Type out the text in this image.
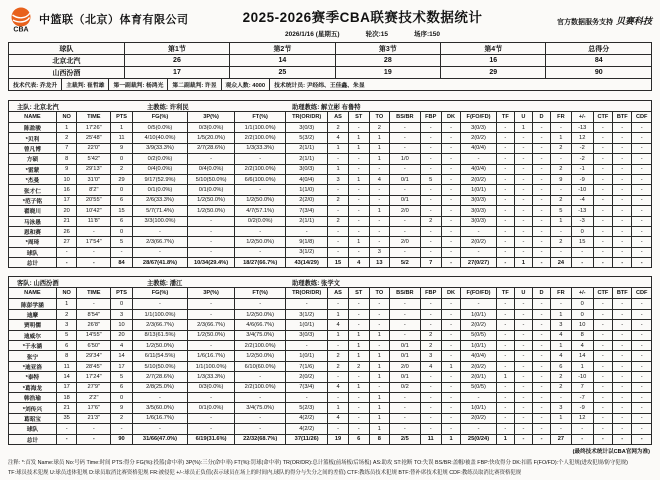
CBA
中篮联（北京）体育有限公司	2025-2026赛季CBA联赛技术数据统计
2026/1/16 (星期五)	轮次:15	场序:150
官方数据服务支持 贝赛科技
球队	第1节	第2节	第3节	第4节	总得分
北京北汽	26	14	28	16	84
山西汾酒	17	25	19	29	90
技术代表: 乔龙升	主裁判: 崔哲雄	第一副裁判: 杨鸿光	第二副裁判: 许昱	观众人数: 4000	技术统计员: 尹经纬、王佳鑫、朱显
主队: 北京北汽	主教练: 许利民	助理教练: 解立彬 布鲁特
NAME	NO	TIME	PTS	FG(%)	3P(%)	FT(%)	TR(OR/DR)	AS	ST	TO	BS/BR	FBP	DK	F(FO/FD)	TF	U	D	FR	+/-	CTF	BTF	CDF
陈盈骏	1	17'26"	1	0/5(0.0%)	0/3(0.0%)	1/1(100.0%)	3(0/3)	2	-	2	-	-	-	3(0/3)	-	1	-	-	-13	-	-	-
*贝利	2	25'48"	11	4/10(40.0%)	1/5(20.0%)	2/2(100.0%)	5(3/2)	4	1	1	-	-	-	2(0/2)	-	-	-	1	12	-	-	-
曾凡博	7	22'0"	9	3/9(33.3%)	2/7(28.6%)	1/3(33.3%)	2(1/1)	1	1	1	-	-	-	4(0/4)	-	-	-	2	-2	-	-	-
方硕	8	5'42"	0	0/2(0.0%)	-	-	2(1/1)	-	-	1	1/0	-	-	-	-	-	-	-	-2	-	-	-
*雷蒙	9	29'13"	2	0/4(0.0%)	0/4(0.0%)	2/2(100.0%)	3(0/3)	1	-	-	-	-	-	4(0/4)	-	-	-	2	-1	-	-	-
*杰曼	10	31'0"	29	9/17(52.9%)	5/10(50.0%)	6/6(100.0%)	4(0/4)	3	1	4	0/1	5	-	2(0/2)	-	-	-	9	-9	-	-	-
张才仁	16	8'2"	0	0/1(0.0%)	0/1(0.0%)	-	1(1/0)	-	-	-	-	-	-	1(0/1)	-	-	-	-	-10	-	-	-
*范子铭	17	20'55"	6	2/6(33.3%)	1/2(50.0%)	1/2(50.0%)	2(2/0)	2	-	-	0/1	-	-	3(0/3)	-	-	-	2	-4	-	-	-
翟晓川	20	10'42"	15	5/7(71.4%)	1/2(50.0%)	4/7(57.1%)	7(3/4)	-	-	1	2/0	-	-	3(0/3)	-	-	-	5	-13	-	-	-
马泳愚	21	11'8"	6	3/3(100.0%)	-	0/2(0.0%)	2(1/1)	2	-	-	-	2	-	3(0/3)	-	-	-	1	-3	-	-	-
恩和赛	26	-	0	-	-	-	-	-	-	-	-	-	-	-	-	-	-	-	0	-	-	-
*周琦	27	17'54"	5	2/3(66.7%)	-	1/2(50.0%)	9(1/8)	-	1	-	2/0	-	-	2(0/2)	-	-	-	2	15	-	-	-
球队	-	-	-	-	-	-	3(1/2)	-	-	3	-	-	-	-	-	-	-	-	-	-	-	-
总计	-	-	84	28/67(41.8%)	10/34(29.4%)	18/27(66.7%)	43(14/29)	15	4	13	5/2	7	-	27(0/27)	-	1	-	24	-	-	-	-
客队: 山西汾酒	主教练: 潘江	助理教练: 张学文
NAME	NO	TIME	PTS	FG(%)	3P(%)	FT(%)	TR(OR/DR)	AS	ST	TO	BS/BR	FBP	DK	F(FO/FD)	TF	U	D	FR	+/-	CTF	BTF	CDF
陈彭学涵	1	-	0	-	-	-	-	-	-	-	-	-	-	-	-	-	-	-	0	-	-	-
迪摩	2	8'54"	3	1/1(100.0%)	-	1/2(50.0%)	3(1/2)	1	-	-	-	-	-	1(0/1)	-	-	-	1	0	-	-	-
贾明儒	3	26'8"	10	2/3(66.7%)	2/3(66.7%)	4/6(66.7%)	1(0/1)	4	-	-	-	-	-	2(0/2)	-	-	-	3	10	-	-	-
迪威尔	5	14'55"	20	8/13(61.5%)	1/2(50.0%)	3/4(75.0%)	3(0/3)	1	1	1	-	2	-	5(0/5)	-	-	-	4	8	-	-	-
*于永涵	6	6'50"	4	1/2(50.0%)	-	2/2(100.0%)	-	-	1	-	0/1	2	-	1(0/1)	-	-	-	1	4	-	-	-
张宁	8	29'34"	14	6/11(54.5%)	1/6(16.7%)	1/2(50.0%)	1(0/1)	2	1	1	0/1	3	-	4(0/4)	-	-	-	4	14	-	-	-
*迪亚洛	11	28'45"	17	5/10(50.0%)	1/1(100.0%)	6/10(60.0%)	7(1/6)	2	2	1	2/0	4	1	2(0/2)	-	-	-	6	1	-	-	-
*泰特	14	17'24"	5	2/7(28.6%)	1/3(33.3%)	-	2(0/2)	-	-	1	0/1	-	-	2(0/1)	1	-	-	2	-10	-	-	-
*葛海龙	17	27'9"	6	2/8(25.0%)	0/3(0.0%)	2/2(100.0%)	7(3/4)	4	1	-	0/2	-	-	5(0/5)	-	-	-	2	7	-	-	-
韩浩瑜	18	2'2"	0	-	-	-	-	-	-	1	-	-	-	-	-	-	-	-	-7	-	-	-
*刘传兴	21	17'6"	9	3/5(60.0%)	0/1(0.0%)	3/4(75.0%)	5(2/3)	1	-	1	-	-	-	1(0/1)	-	-	-	3	-9	-	-	-
葛昭宝	35	21'3"	2	1/6(16.7%)	-	-	4(2/2)	4	-	1	-	-	-	2(0/2)	-	-	-	1	12	-	-	-
球队	-	-	-	-	-	-	4(2/2)	-	-	1	-	-	-	-	-	-	-	-	-	-	-	-
总计	-	-	90	31/66(47.0%)	6/19(31.6%)	22/32(68.7%)	37(11/26)	19	6	8	2/5	11	1	25(0/24)	1	-	-	27	-	-	-	-
(最终技术统计以CBA官网为准)
注释: *:首发 Name:球员 No:号码 Time:时间 PTS:得分 FG(%):投篮(命中率) 3P(%):三分(命中率) FT(%):罚球(命中率) TR(OR/DR):总计篮板(前场板/后场板) AS:助攻 ST:抢断 TO:失误 BS/BR:盖帽/被盖 FBP:快攻得分 DK:扣篮 F(FO/FD):个人犯规(进攻犯规/防守犯规)
TF:球员技术犯规 U:球员违体犯规 D:球员取消比赛资格犯规 FR:被侵犯 +/-:球员正负值(表示球员在场上的时间内,球队的得分与失分之间的差值) CTF:教练员技术犯规 BTF:替补席技术犯规 CDF:教练员取消比赛资格犯规
